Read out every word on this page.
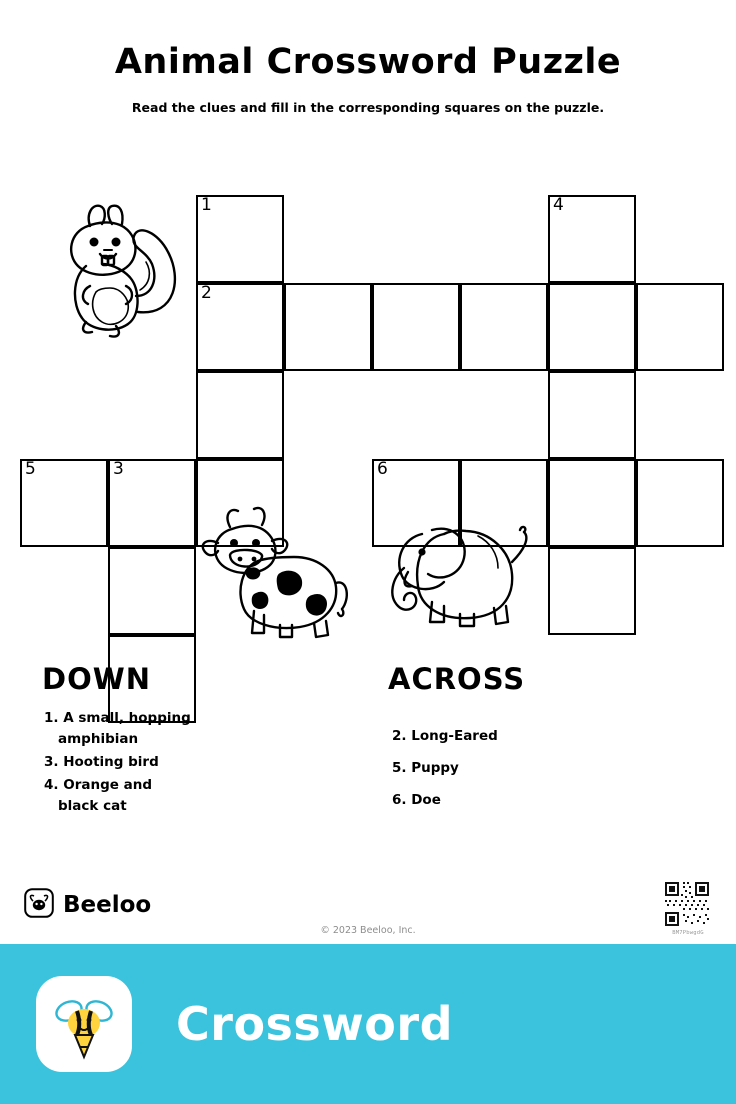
Animal Crossword Puzzle
Read the clues and fill in the corresponding squares on the puzzle.
1	4
2
5	3	6
DOWN
1. A small, hopping amphibian
3. Hooting bird
4. Orange and black cat
ACROSS
2. Long-Eared
5. Puppy
6. Doe
Beeloo
© 2023 Beeloo, Inc.	BM7PbwgdG
Crossword
